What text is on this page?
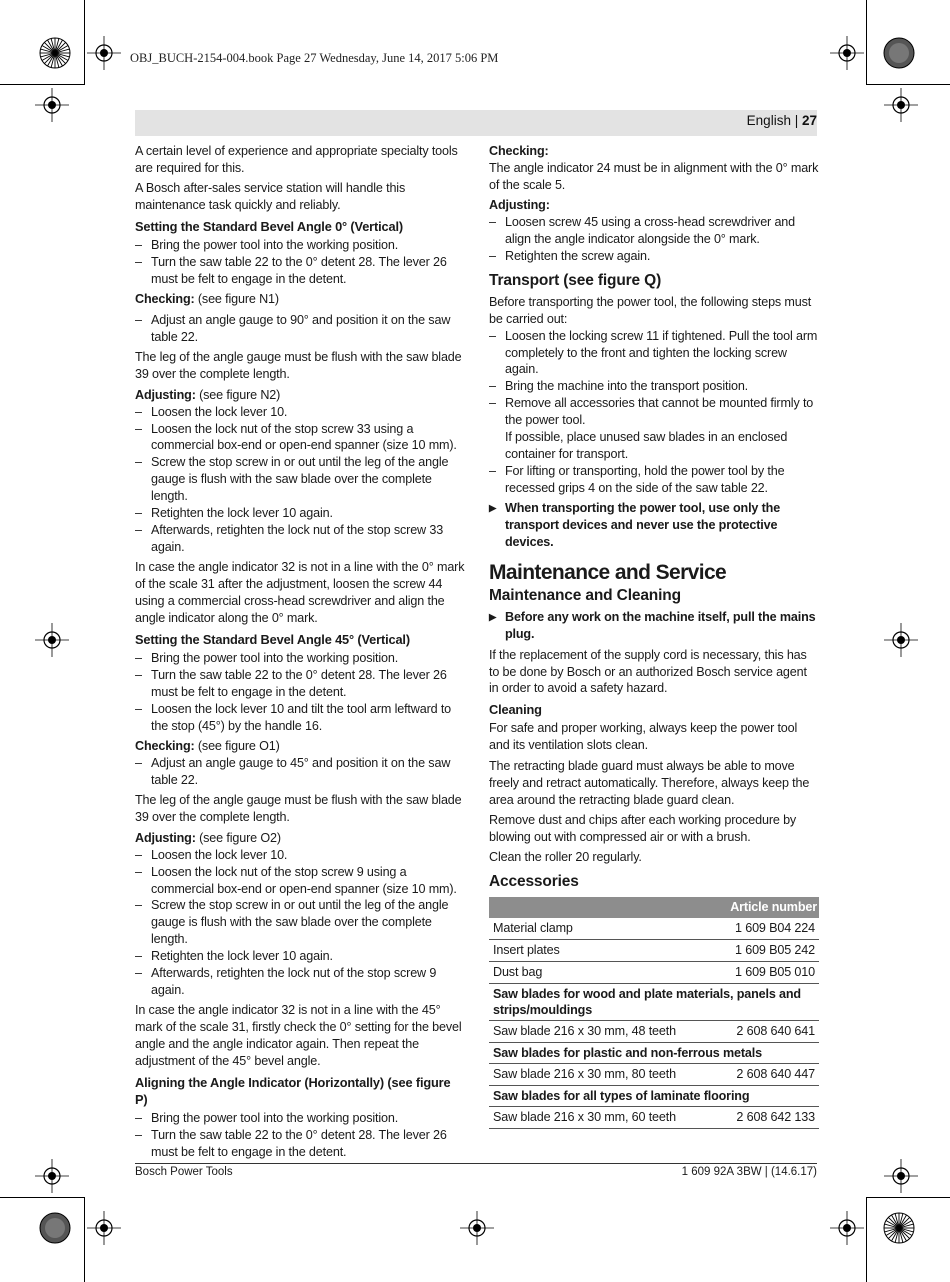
OBJ_BUCH-2154-004.book Page 27 Wednesday, June 14, 2017 5:06 PM
English | 27

A certain level of experience and appropriate specialty tools are required for this.

A Bosch after-sales service station will handle this maintenance task quickly and reliably.

Setting the Standard Bevel Angle 0° (Vertical)
– Bring the power tool into the working position.
– Turn the saw table 22 to the 0° detent 28. The lever 26 must be felt to engage in the detent.

Checking: (see figure N1)

– Adjust an angle gauge to 90° and position it on the saw table 22.

The leg of the angle gauge must be flush with the saw blade 39 over the complete length.

Adjusting: (see figure N2)

– Loosen the lock lever 10.
– Loosen the lock nut of the stop screw 33 using a commercial box-end or open-end spanner (size 10 mm).
– Screw the stop screw in or out until the leg of the angle gauge is flush with the saw blade over the complete length.
– Retighten the lock lever 10 again.
– Afterwards, retighten the lock nut of the stop screw 33 again.

In case the angle indicator 32 is not in a line with the 0° mark of the scale 31 after the adjustment, loosen the screw 44 using a commercial cross-head screwdriver and align the angle indicator along the 0° mark.

Setting the Standard Bevel Angle 45° (Vertical)
– Bring the power tool into the working position.
– Turn the saw table 22 to the 0° detent 28. The lever 26 must be felt to engage in the detent.
– Loosen the lock lever 10 and tilt the tool arm leftward to the stop (45°) by the handle 16.

Checking: (see figure O1)

– Adjust an angle gauge to 45° and position it on the saw table 22.

The leg of the angle gauge must be flush with the saw blade 39 over the complete length.

Adjusting: (see figure O2)

– Loosen the lock lever 10.
– Loosen the lock nut of the stop screw 9 using a commercial box-end or open-end spanner (size 10 mm).
– Screw the stop screw in or out until the leg of the angle gauge is flush with the saw blade over the complete length.
– Retighten the lock lever 10 again.
– Afterwards, retighten the lock nut of the stop screw 9 again.

In case the angle indicator 32 is not in a line with the 45° mark of the scale 31, firstly check the 0° setting for the bevel angle and the angle indicator again. Then repeat the adjustment of the 45° bevel angle.

Aligning the Angle Indicator (Horizontally) (see figure P)
– Bring the power tool into the working position.
– Turn the saw table 22 to the 0° detent 28. The lever 26 must be felt to engage in the detent.

Checking:

The angle indicator 24 must be in alignment with the 0° mark of the scale 5.

Adjusting:

– Loosen screw 45 using a cross-head screwdriver and align the angle indicator alongside the 0° mark.
– Retighten the screw again.
Transport (see figure Q)

Before transporting the power tool, the following steps must be carried out:

– Loosen the locking screw 11 if tightened. Pull the tool arm completely to the front and tighten the locking screw again.
– Bring the machine into the transport position.
– Remove all accessories that cannot be mounted firmly to the power tool.
If possible, place unused saw blades in an enclosed container for transport.
– For lifting or transporting, hold the power tool by the recessed grips 4 on the side of the saw table 22.
▶ When transporting the power tool, use only the transport devices and never use the protective devices.
Maintenance and Service
Maintenance and Cleaning
▶ Before any work on the machine itself, pull the mains plug.

If the replacement of the supply cord is necessary, this has to be done by Bosch or an authorized Bosch service agent in order to avoid a safety hazard.

Cleaning

For safe and proper working, always keep the power tool and its ventilation slots clean.

The retracting blade guard must always be able to move freely and retract automatically. Therefore, always keep the area around the retracting blade guard clean.

Remove dust and chips after each working procedure by blowing out with compressed air or with a brush.

Clean the roller 20 regularly.

Accessories
Article number	
Material clamp	1 609 B04 224
Insert plates	1 609 B05 242
Dust bag	1 609 B05 010
Saw blades for wood and plate materials, panels and strips/mouldings	
Saw blade 216 x 30 mm, 48 teeth	2 608 640 641
Saw blades for plastic and non-ferrous metals	
Saw blade 216 x 30 mm, 80 teeth	2 608 640 447
Saw blades for all types of laminate flooring	
Saw blade 216 x 30 mm, 60 teeth	2 608 642 133
Bosch Power Tools	1 609 92A 3BW | (14.6.17)
